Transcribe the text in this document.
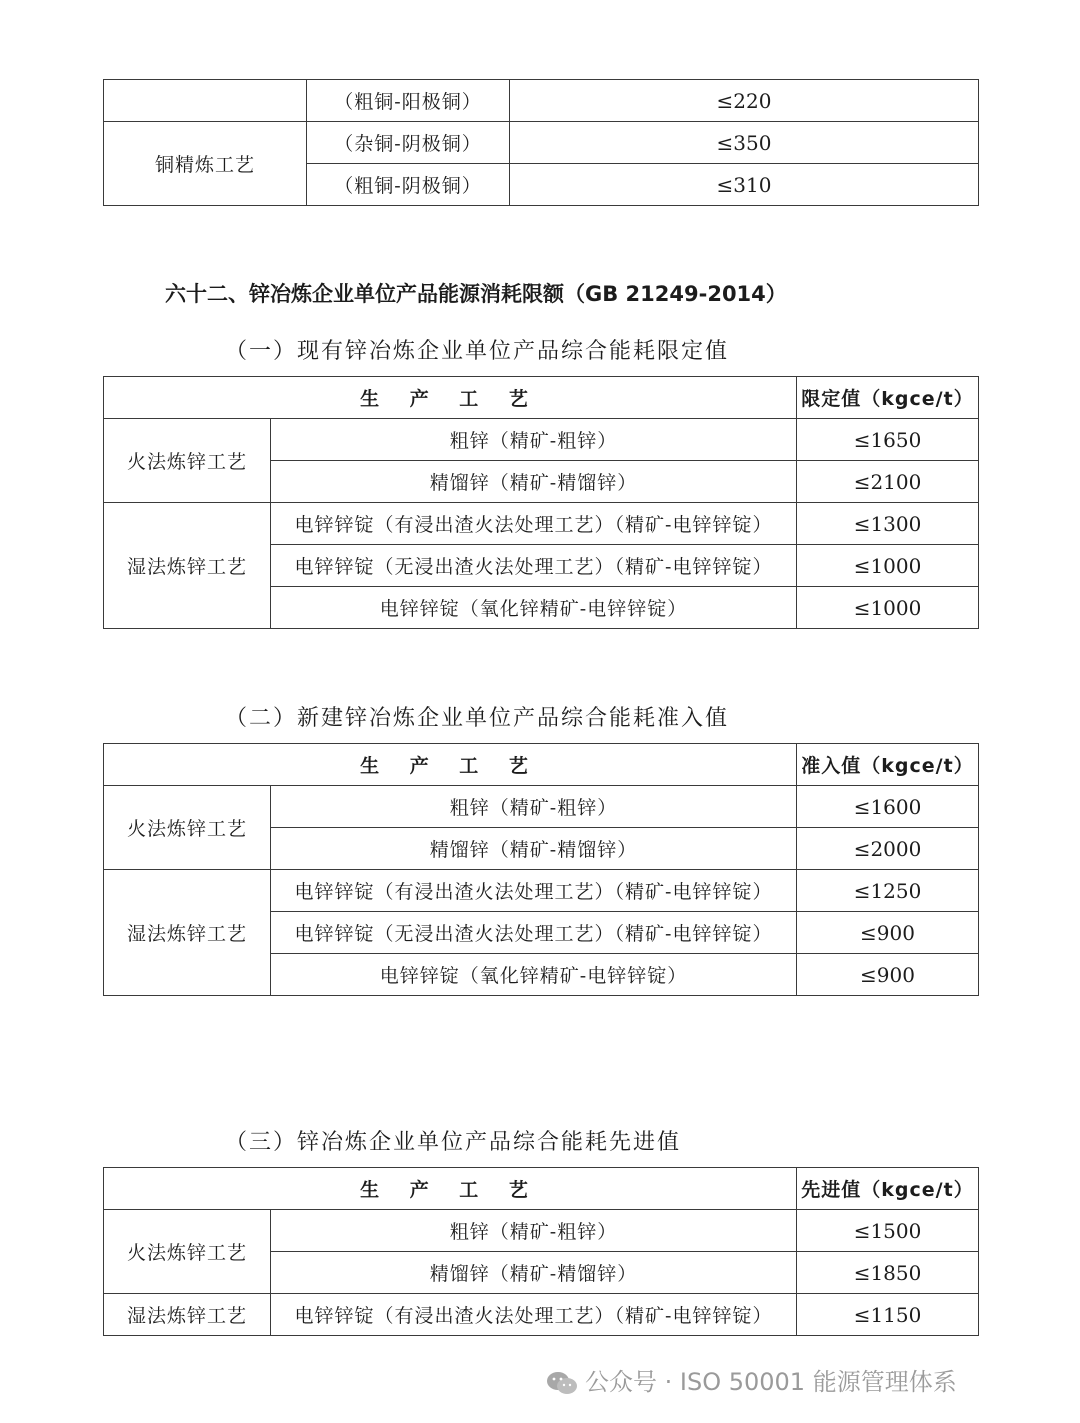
	（粗铜-阳极铜）	≤220
铜精炼工艺	（杂铜-阴极铜）	≤350
	（粗铜-阴极铜）	≤310
六十二、锌冶炼企业单位产品能源消耗限额（GB 21249-2014）
（一）现有锌冶炼企业单位产品综合能耗限定值
生 产 工 艺		限定值（kgce/t）
火法炼锌工艺	粗锌（精矿-粗锌）	≤1650
	精馏锌（精矿-精馏锌）	≤2100
湿法炼锌工艺	电锌锌锭（有浸出渣火法处理工艺）（精矿-电锌锌锭）	≤1300
	电锌锌锭（无浸出渣火法处理工艺）（精矿-电锌锌锭）	≤1000
	电锌锌锭（氧化锌精矿-电锌锌锭）	≤1000
（二）新建锌冶炼企业单位产品综合能耗准入值
生 产 工 艺		准入值（kgce/t）
火法炼锌工艺	粗锌（精矿-粗锌）	≤1600
	精馏锌（精矿-精馏锌）	≤2000
湿法炼锌工艺	电锌锌锭（有浸出渣火法处理工艺）（精矿-电锌锌锭）	≤1250
	电锌锌锭（无浸出渣火法处理工艺）（精矿-电锌锌锭）	≤900
	电锌锌锭（氧化锌精矿-电锌锌锭）	≤900
（三）锌冶炼企业单位产品综合能耗先进值
生 产 工 艺		先进值（kgce/t）
火法炼锌工艺	粗锌（精矿-粗锌）	≤1500
	精馏锌（精矿-精馏锌）	≤1850
湿法炼锌工艺	电锌锌锭（有浸出渣火法处理工艺）（精矿-电锌锌锭）	≤1150
公众号 · ISO 50001 能源管理体系
